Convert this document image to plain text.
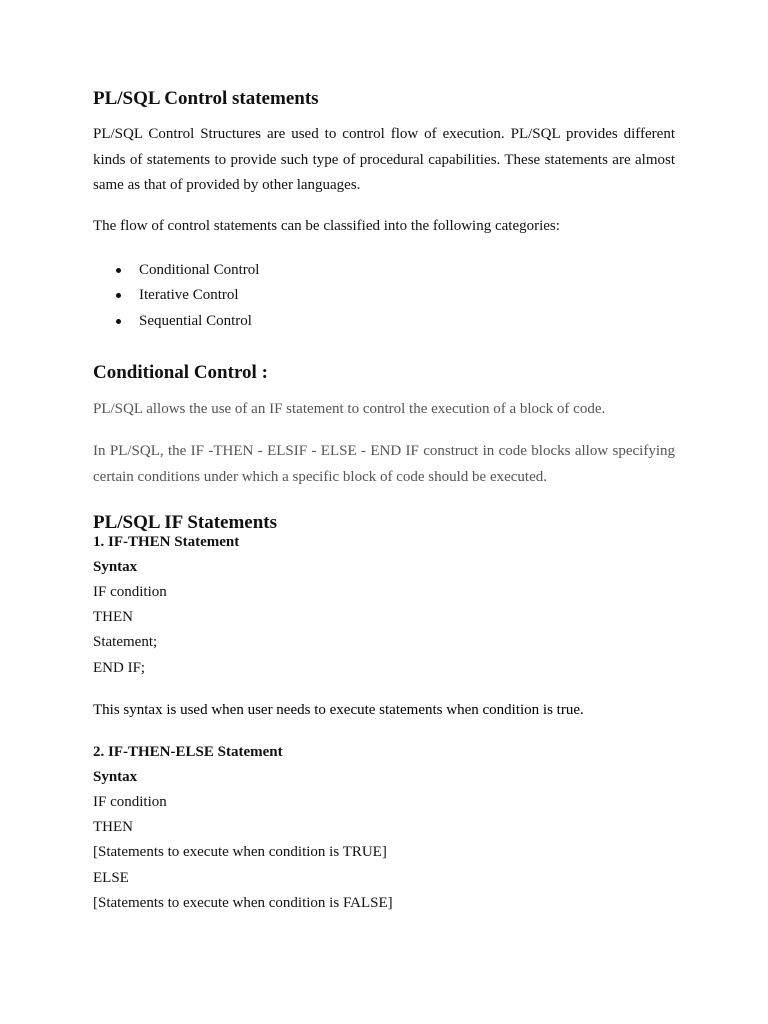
PL/SQL Control statements

PL/SQL Control Structures are used to control flow of execution. PL/SQL provides different kinds of statements to provide such type of procedural capabilities. These statements are almost same as that of provided by other languages.

The flow of control statements can be classified into the following categories:

Conditional Control
Iterative Control
Sequential Control
Conditional Control :

PL/SQL allows the use of an IF statement to control the execution of a block of code.

In PL/SQL, the IF -THEN - ELSIF - ELSE - END IF construct in code blocks allow specifying certain conditions under which a specific block of code should be executed.

PL/SQL IF Statements
1. IF-THEN Statement
Syntax
IF condition
THEN
Statement;
END IF;
This syntax is used when user needs to execute statements when condition is true.
2. IF-THEN-ELSE Statement
Syntax
IF condition
THEN
[Statements to execute when condition is TRUE]
ELSE
[Statements to execute when condition is FALSE]
